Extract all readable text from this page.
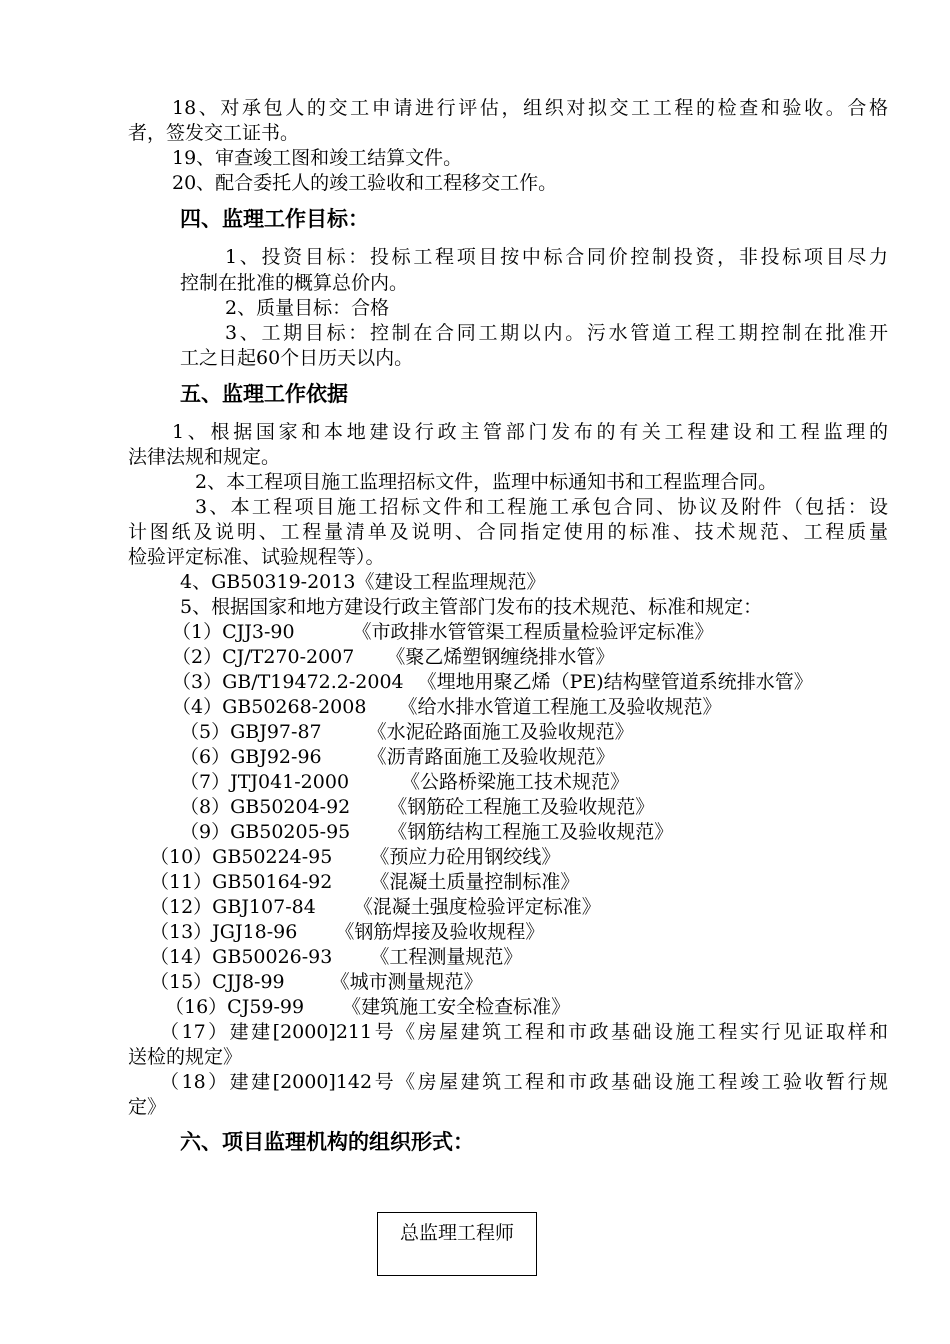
18、对承包人的交工申请进行评估，组织对拟交工工程的检查和验收。合格
者，签发交工证书。
19、审查竣工图和竣工结算文件。
20、配合委托人的竣工验收和工程移交工作。
四、监理工作目标：
1、投资目标：投标工程项目按中标合同价控制投资，非投标项目尽力
控制在批准的概算总价内。
2、质量目标：合格
3、工期目标：控制在合同工期以内。污水管道工程工期控制在批准开
工之日起60个日历天以内。
五、监理工作依据
1、根据国家和本地建设行政主管部门发布的有关工程建设和工程监理的
法律法规和规定。
2、本工程项目施工监理招标文件，监理中标通知书和工程监理合同。
3、本工程项目施工招标文件和工程施工承包合同、协议及附件（包括：设
计图纸及说明、工程量清单及说明、合同指定使用的标准、技术规范、工程质量
检验评定标准、试验规程等）。
4、GB50319-2013《建设工程监理规范》
5、根据国家和地方建设行政主管部门发布的技术规范、标准和规定：
（1）CJJ3-90	《市政排水管管渠工程质量检验评定标准》
（2）CJ/T270-2007 《聚乙烯塑钢缠绕排水管》
（3）GB/T19472.2-2004 《埋地用聚乙烯（PE)结构壁管道系统排水管》
（4）GB50268-2008 《给水排水管道工程施工及验收规范》
（5）GBJ97-87 《水泥砼路面施工及验收规范》
（6）GBJ92-96 《沥青路面施工及验收规范》
（7）JTJ041-2000	《公路桥梁施工技术规范》
（8）GB50204-92 《钢筋砼工程施工及验收规范》
（9）GB50205-95 《钢筋结构工程施工及验收规范》
（10）GB50224-95 《预应力砼用钢绞线》
（11）GB50164-92 《混凝土质量控制标准》
（12）GBJ107-84 《混凝土强度检验评定标准》
（13）JGJ18-96 《钢筋焊接及验收规程》
（14）GB50026-93 《工程测量规范》
（15）CJJ8-99 《城市测量规范》
（16）CJ59-99 《建筑施工安全检查标准》
（17）建建[2000]211号《房屋建筑工程和市政基础设施工程实行见证取样和
送检的规定》
（18）建建[2000]142号《房屋建筑工程和市政基础设施工程竣工验收暂行规
定》
六、项目监理机构的组织形式：
总监理工程师
